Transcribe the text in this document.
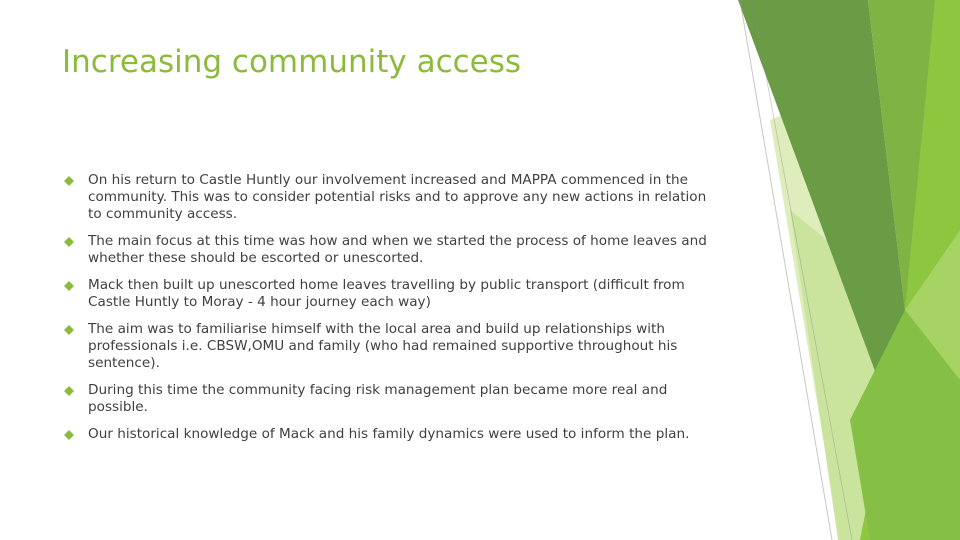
Increasing community access
On his return to Castle Huntly our involvement increased and MAPPA commenced in the community. This was to consider potential risks and to approve any new actions in relation to community access.
The main focus at this time was how and when we started the process of home leaves and whether these should be escorted or unescorted.
Mack then built up unescorted home leaves travelling by public transport (difficult from Castle Huntly to Moray - 4 hour journey each way)
The aim was to familiarise himself with the local area and build up relationships with professionals i.e. CBSW,OMU and family (who had remained supportive throughout his sentence).
During this time the community facing risk management plan became more real and possible.
Our historical knowledge of Mack and his family dynamics were used to inform the plan.
